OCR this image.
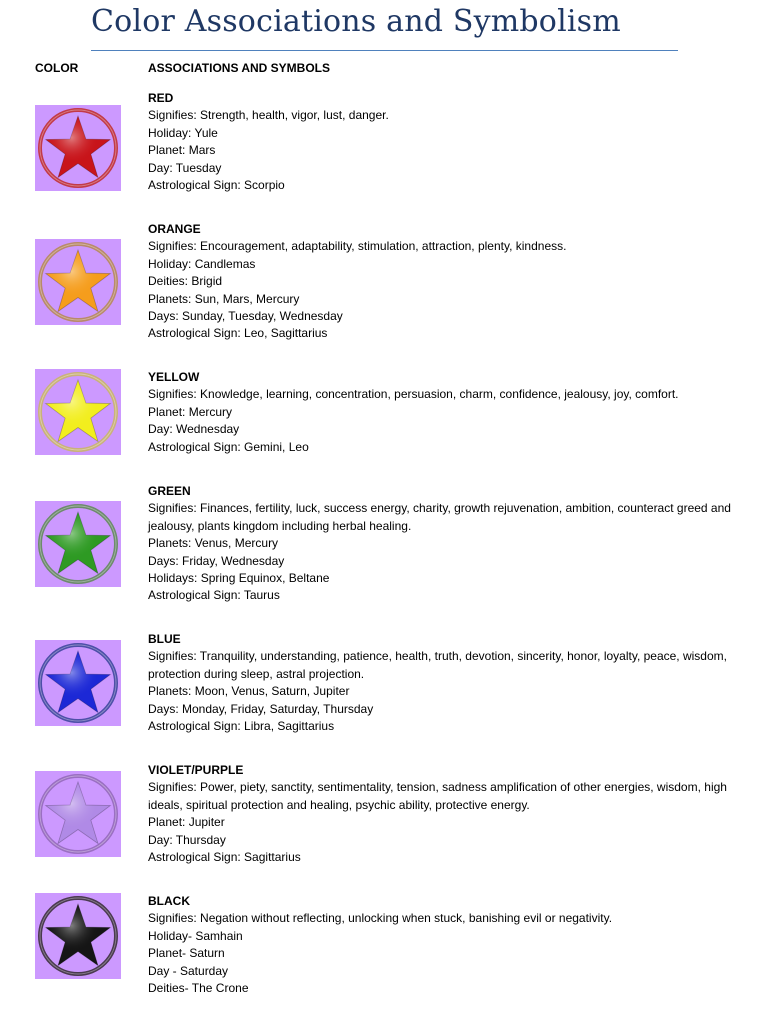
Color Associations and Symbolism
COLOR	ASSOCIATIONS AND SYMBOLS
RED
Signifies: Strength, health, vigor, lust, danger.
Holiday: Yule
Planet: Mars
Day: Tuesday
Astrological Sign: Scorpio
ORANGE
Signifies: Encouragement, adaptability, stimulation, attraction, plenty, kindness.
Holiday: Candlemas
Deities: Brigid
Planets: Sun, Mars, Mercury
Days: Sunday, Tuesday, Wednesday
Astrological Sign: Leo, Sagittarius
YELLOW
Signifies: Knowledge, learning, concentration, persuasion, charm, confidence, jealousy, joy, comfort.
Planet: Mercury
Day: Wednesday
Astrological Sign: Gemini, Leo
GREEN
Signifies: Finances, fertility, luck, success energy, charity, growth rejuvenation, ambition, counteract greed and jealousy, plants kingdom including herbal healing.
Planets: Venus, Mercury
Days: Friday, Wednesday
Holidays: Spring Equinox, Beltane
Astrological Sign: Taurus
BLUE
Signifies: Tranquility, understanding, patience, health, truth, devotion, sincerity, honor, loyalty, peace, wisdom, protection during sleep, astral projection.
Planets: Moon, Venus, Saturn, Jupiter
Days: Monday, Friday, Saturday, Thursday
Astrological Sign: Libra, Sagittarius
VIOLET/PURPLE
Signifies: Power, piety, sanctity, sentimentality, tension, sadness amplification of other energies, wisdom, high ideals, spiritual protection and healing, psychic ability, protective energy.
Planet: Jupiter
Day: Thursday
Astrological Sign: Sagittarius
BLACK
Signifies: Negation without reflecting, unlocking when stuck, banishing evil or negativity.
Holiday- Samhain
Planet- Saturn
Day - Saturday
Deities- The Crone
